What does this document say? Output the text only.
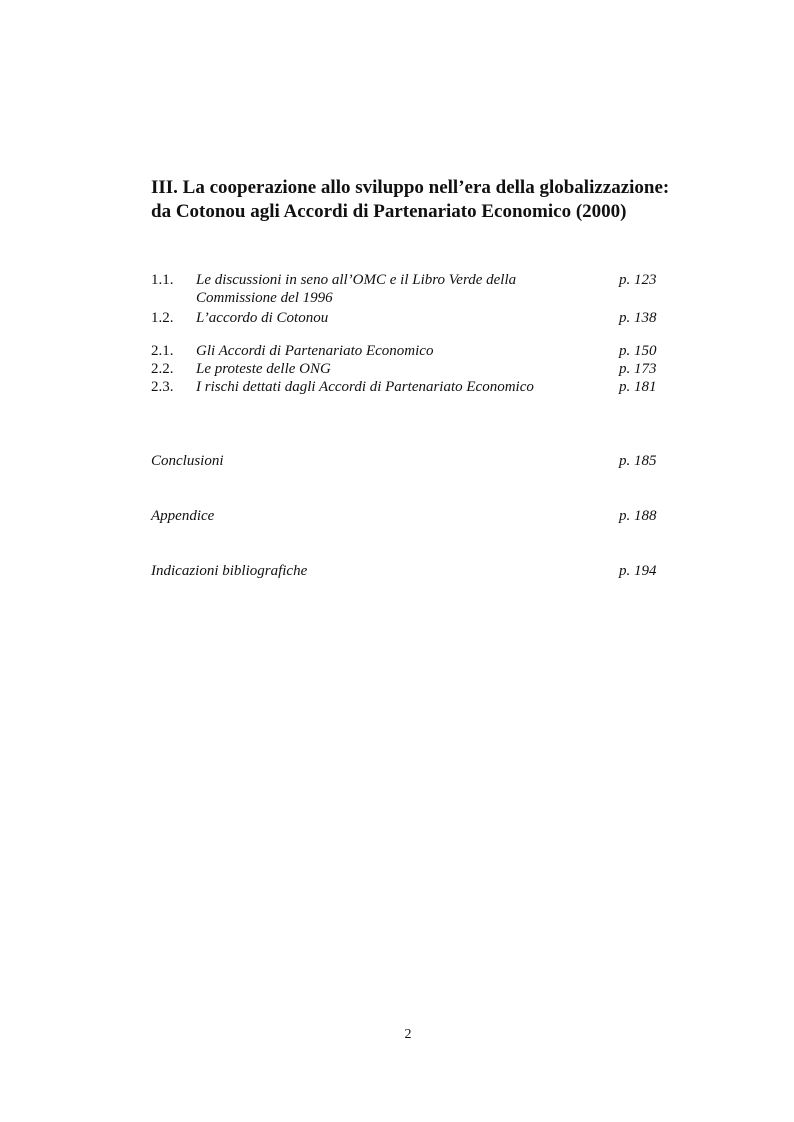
III. La cooperazione allo sviluppo nell’era della globalizzazione:
da Cotonou agli Accordi di Partenariato Economico (2000)
1.1. Le discussioni in seno all’OMC e il Libro Verde della
Commissione del 1996
p. 123
1.2. L’accordo di Cotonou	p. 138
2.1. Gli Accordi di Partenariato Economico	p. 150
2.2. Le proteste delle ONG	p. 173
2.3. I rischi dettati dagli Accordi di Partenariato Economico	p. 181
Conclusioni	p. 185
Appendice	p. 188
Indicazioni bibliografiche	p. 194
2
